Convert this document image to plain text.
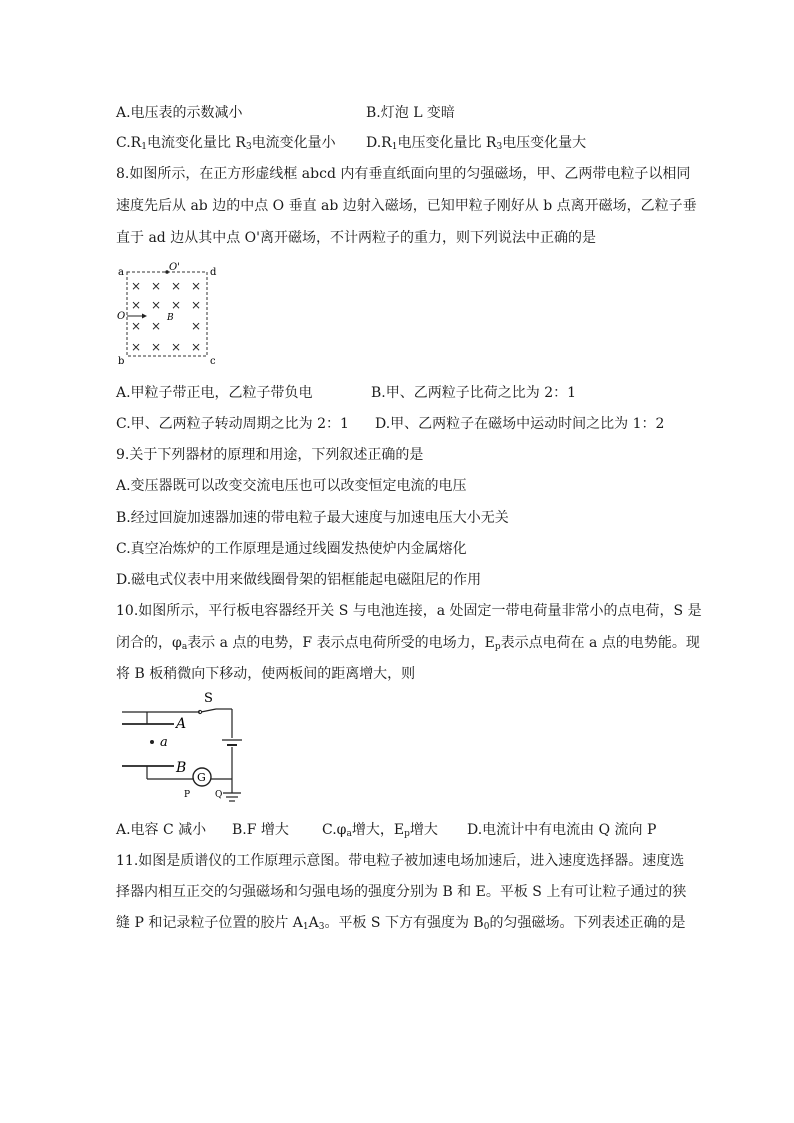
A.电压表的示数减小	B.灯泡 L 变暗
$C.R_1$电流变化量比 $R_3$电流变化量小 $D.R_1$电压变化量比 $R_3$电压变化量大
8.如图所示，在正方形虚线框 abcd 内有垂直纸面向里的匀强磁场，甲、乙两带电粒子以相同
速度先后从 ab 边的中点 O 垂直 ab 边射入磁场，已知甲粒子刚好从 b 点离开磁场，乙粒子垂
直于 ad 边从其中点 O'离开磁场，不计两粒子的重力，则下列说法中正确的是
a
b	c
d
O'
O	B
× × × ×
× × × ×
× × ×
× × × ×
A.甲粒子带正电，乙粒子带负电	B.甲、乙两粒子比荷之比为 2：1
C.甲、乙两粒子转动周期之比为 2：1 D.甲、乙两粒子在磁场中运动时间之比为 1：2
9.关于下列器材的原理和用途，下列叙述正确的是
A.变压器既可以改变交流电压也可以改变恒定电流的电压
B.经过回旋加速器加速的带电粒子最大速度与加速电压大小无关
C.真空冶炼炉的工作原理是通过线圈发热使炉内金属熔化
D.磁电式仪表中用来做线圈骨架的铝框能起电磁阻尼的作用
10.如图所示，平行板电容器经开关 S 与电池连接，a 处固定一带电荷量非常小的点电荷，S 是
闭合的，$\varphi_a$表示 a 点的电势，F 表示点电荷所受的电场力，$E_p$表示点电荷在 a 点的电势能。现
将 B 板稍微向下移动，使两板间的距离增大，则
A
S
a
B
G
P	Q
A.电容 C 减小 B.F 增大 $C.\varphi_a$增大，$E_p$增大 D.电流计中有电流由 Q 流向 P
11.如图是质谱仪的工作原理示意图。带电粒子被加速电场加速后，进入速度选择器。速度选
择器内相互正交的匀强磁场和匀强电场的强度分别为 B 和 E。平板 S 上有可让粒子通过的狭
缝 P 和记录粒子位置的胶片 $A_1A_3$。平板 S 下方有强度为 $B_0$的匀强磁场。下列表述正确的是
